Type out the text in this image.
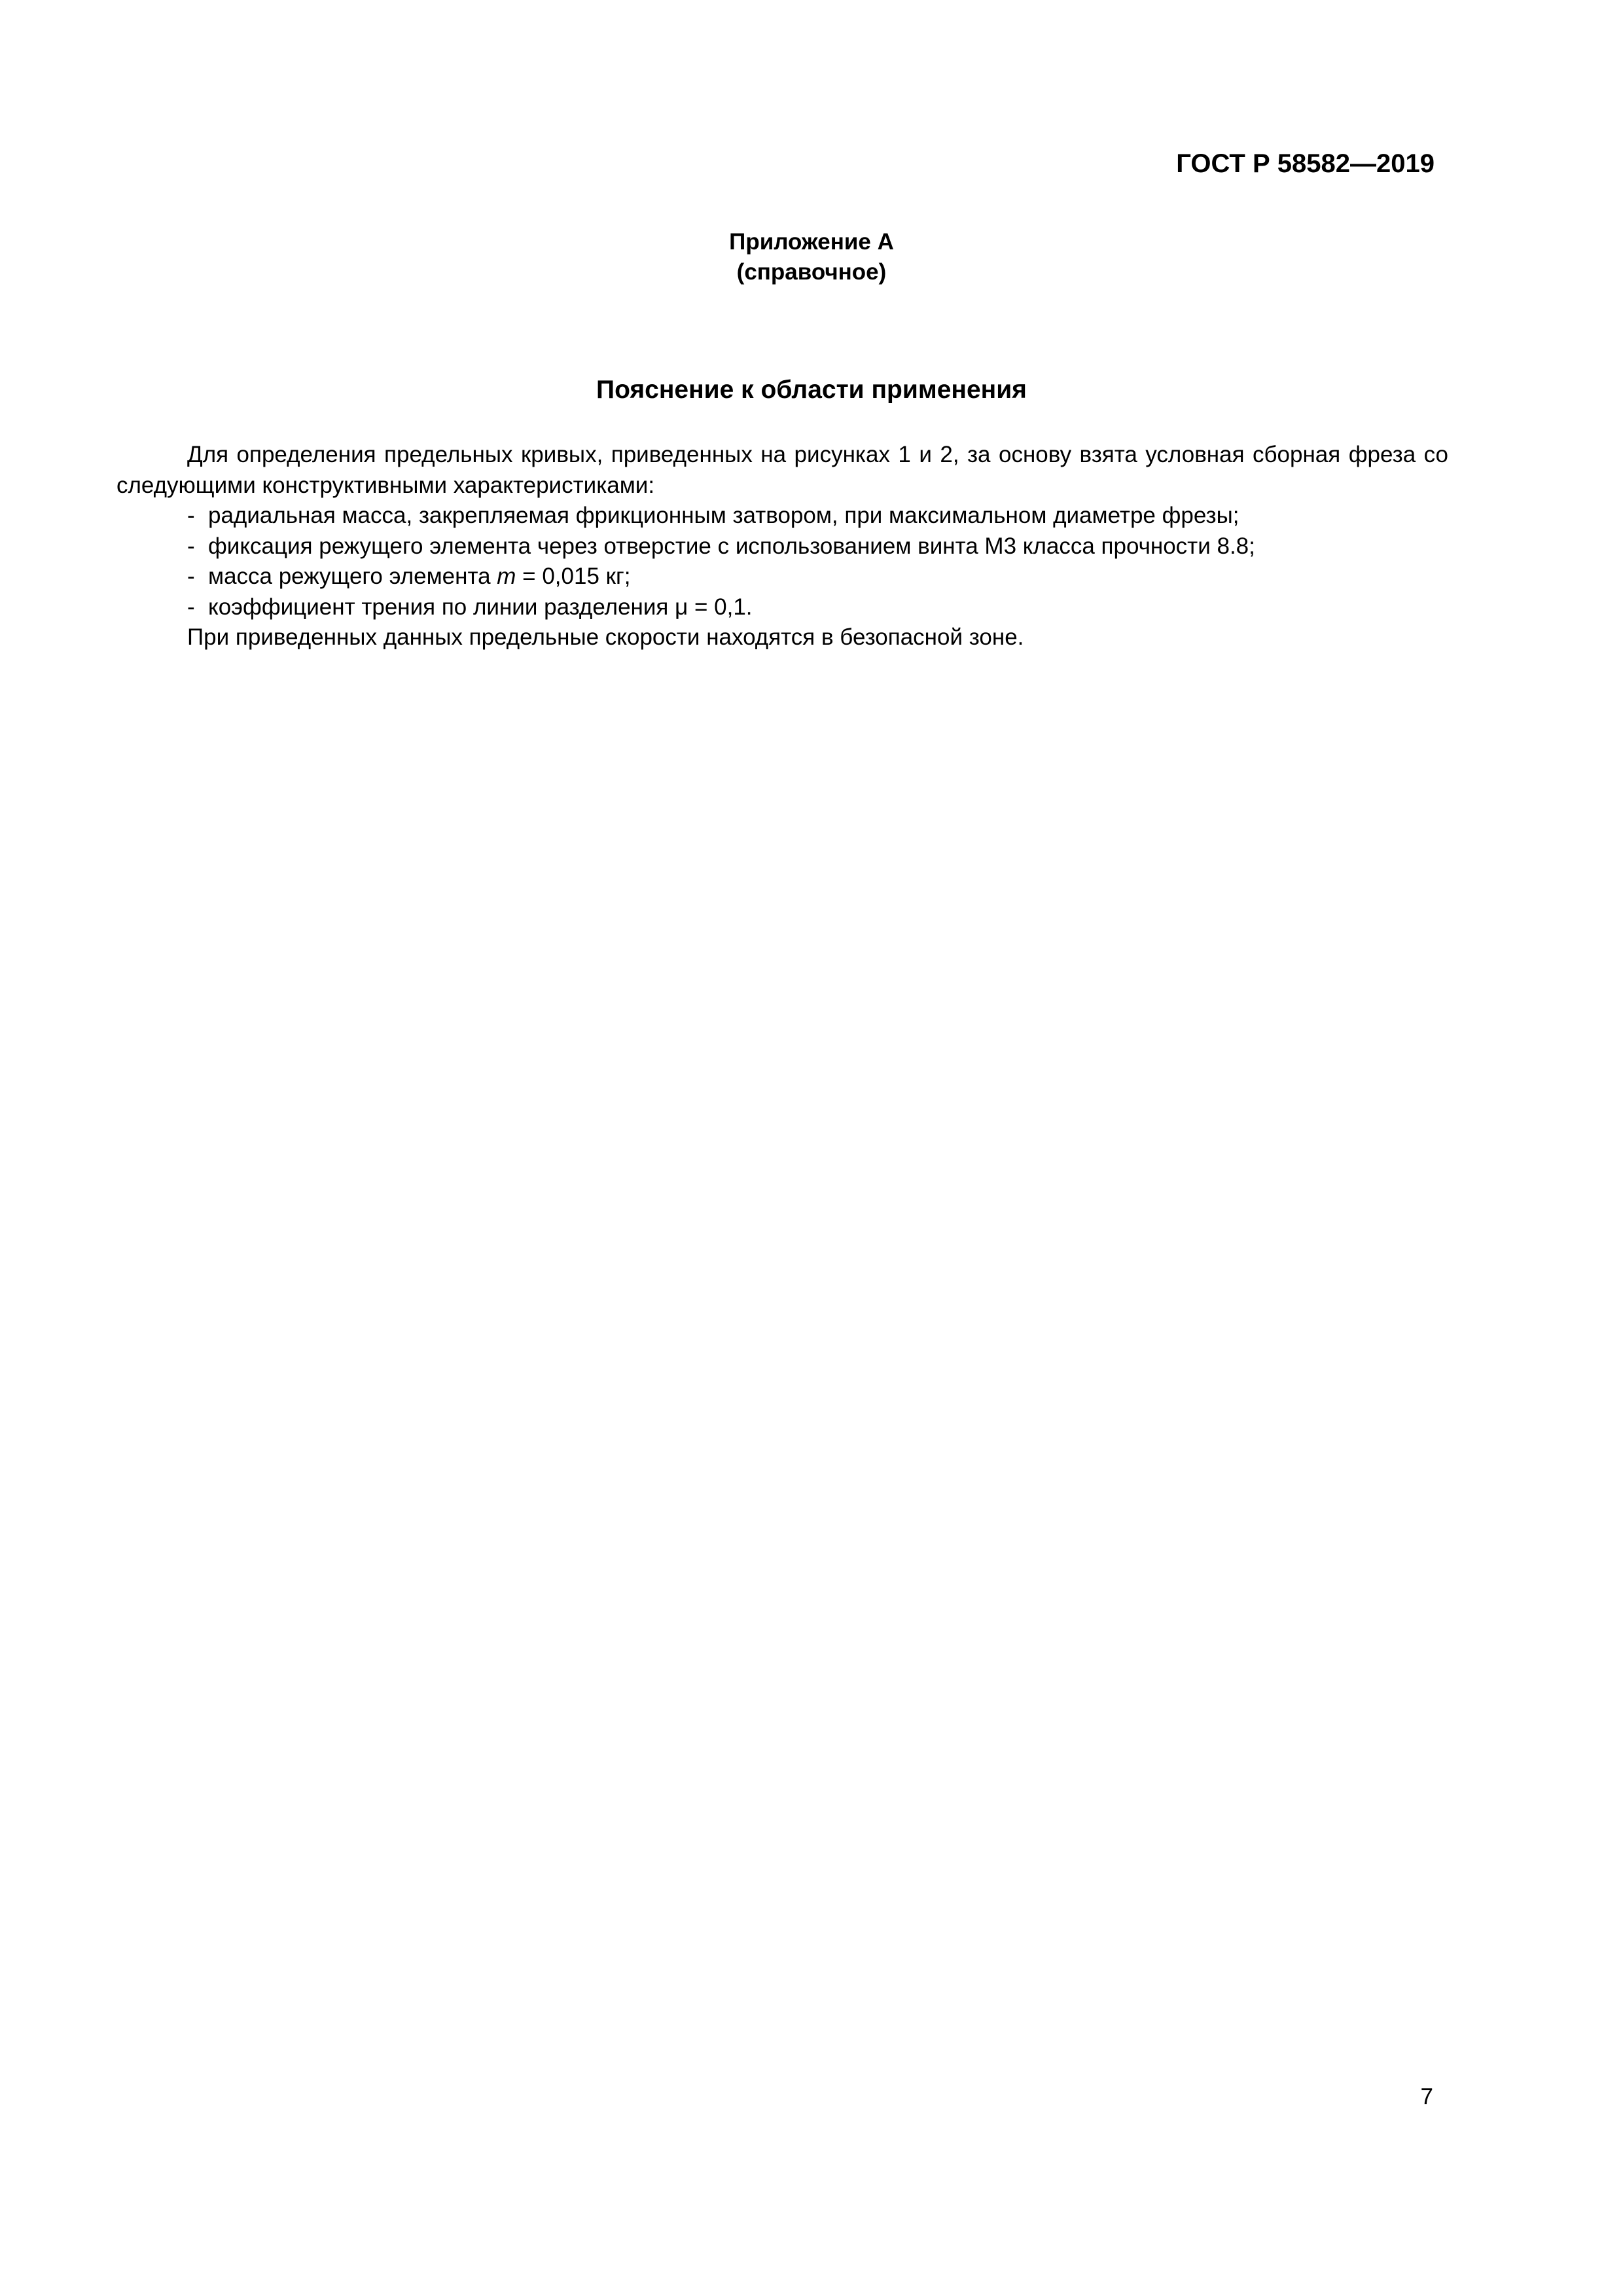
ГОСТ Р 58582—2019
Приложение А
(справочное)
Пояснение к области применения

Для определения предельных кривых, приведенных на рисунках 1 и 2, за основу взята условная сборная фреза со следующими конструктивными характеристиками:

- радиальная масса, закрепляемая фрикционным затвором, при максимальном диаметре фрезы;
- фиксация режущего элемента через отверстие с использованием винта М3 класса прочности 8.8;
- масса режущего элемента m = 0,015 кг;
- коэффициент трения по линии разделения μ = 0,1.

При приведенных данных предельные скорости находятся в безопасной зоне.

7
